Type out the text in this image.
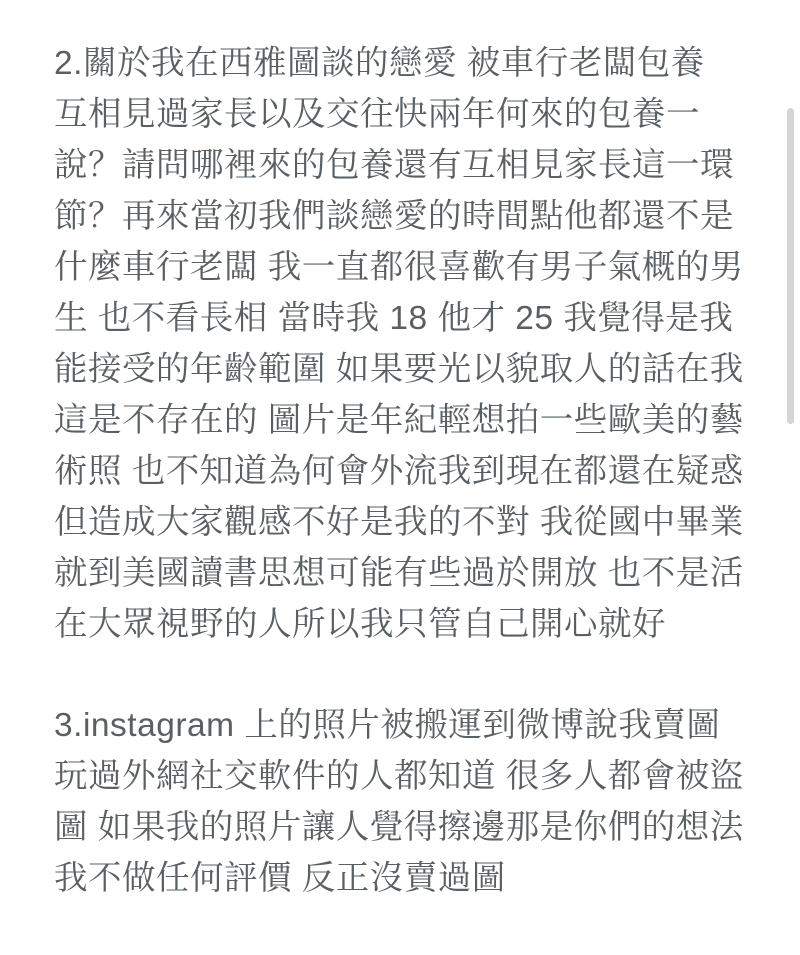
2.關於我在西雅圖談的戀愛 被車行老闆包養 互相見過家長以及交往快兩年何來的包養一說？請問哪裡來的包養還有互相見家長這一環節？再來當初我們談戀愛的時間點他都還不是什麼車行老闆 我一直都很喜歡有男子氣概的男生 也不看長相 當時我 18 他才 25 我覺得是我能接受的年齡範圍 如果要光以貌取人的話在我這是不存在的 圖片是年紀輕想拍一些歐美的藝術照 也不知道為何會外流我到現在都還在疑惑 但造成大家觀感不好是我的不對 我從國中畢業就到美國讀書思想可能有些過於開放 也不是活在大眾視野的人所以我只管自己開心就好

3.instagram 上的照片被搬運到微博說我賣圖 玩過外網社交軟件的人都知道 很多人都會被盜圖 如果我的照片讓人覺得擦邊那是你們的想法 我不做任何評價 反正沒賣過圖
